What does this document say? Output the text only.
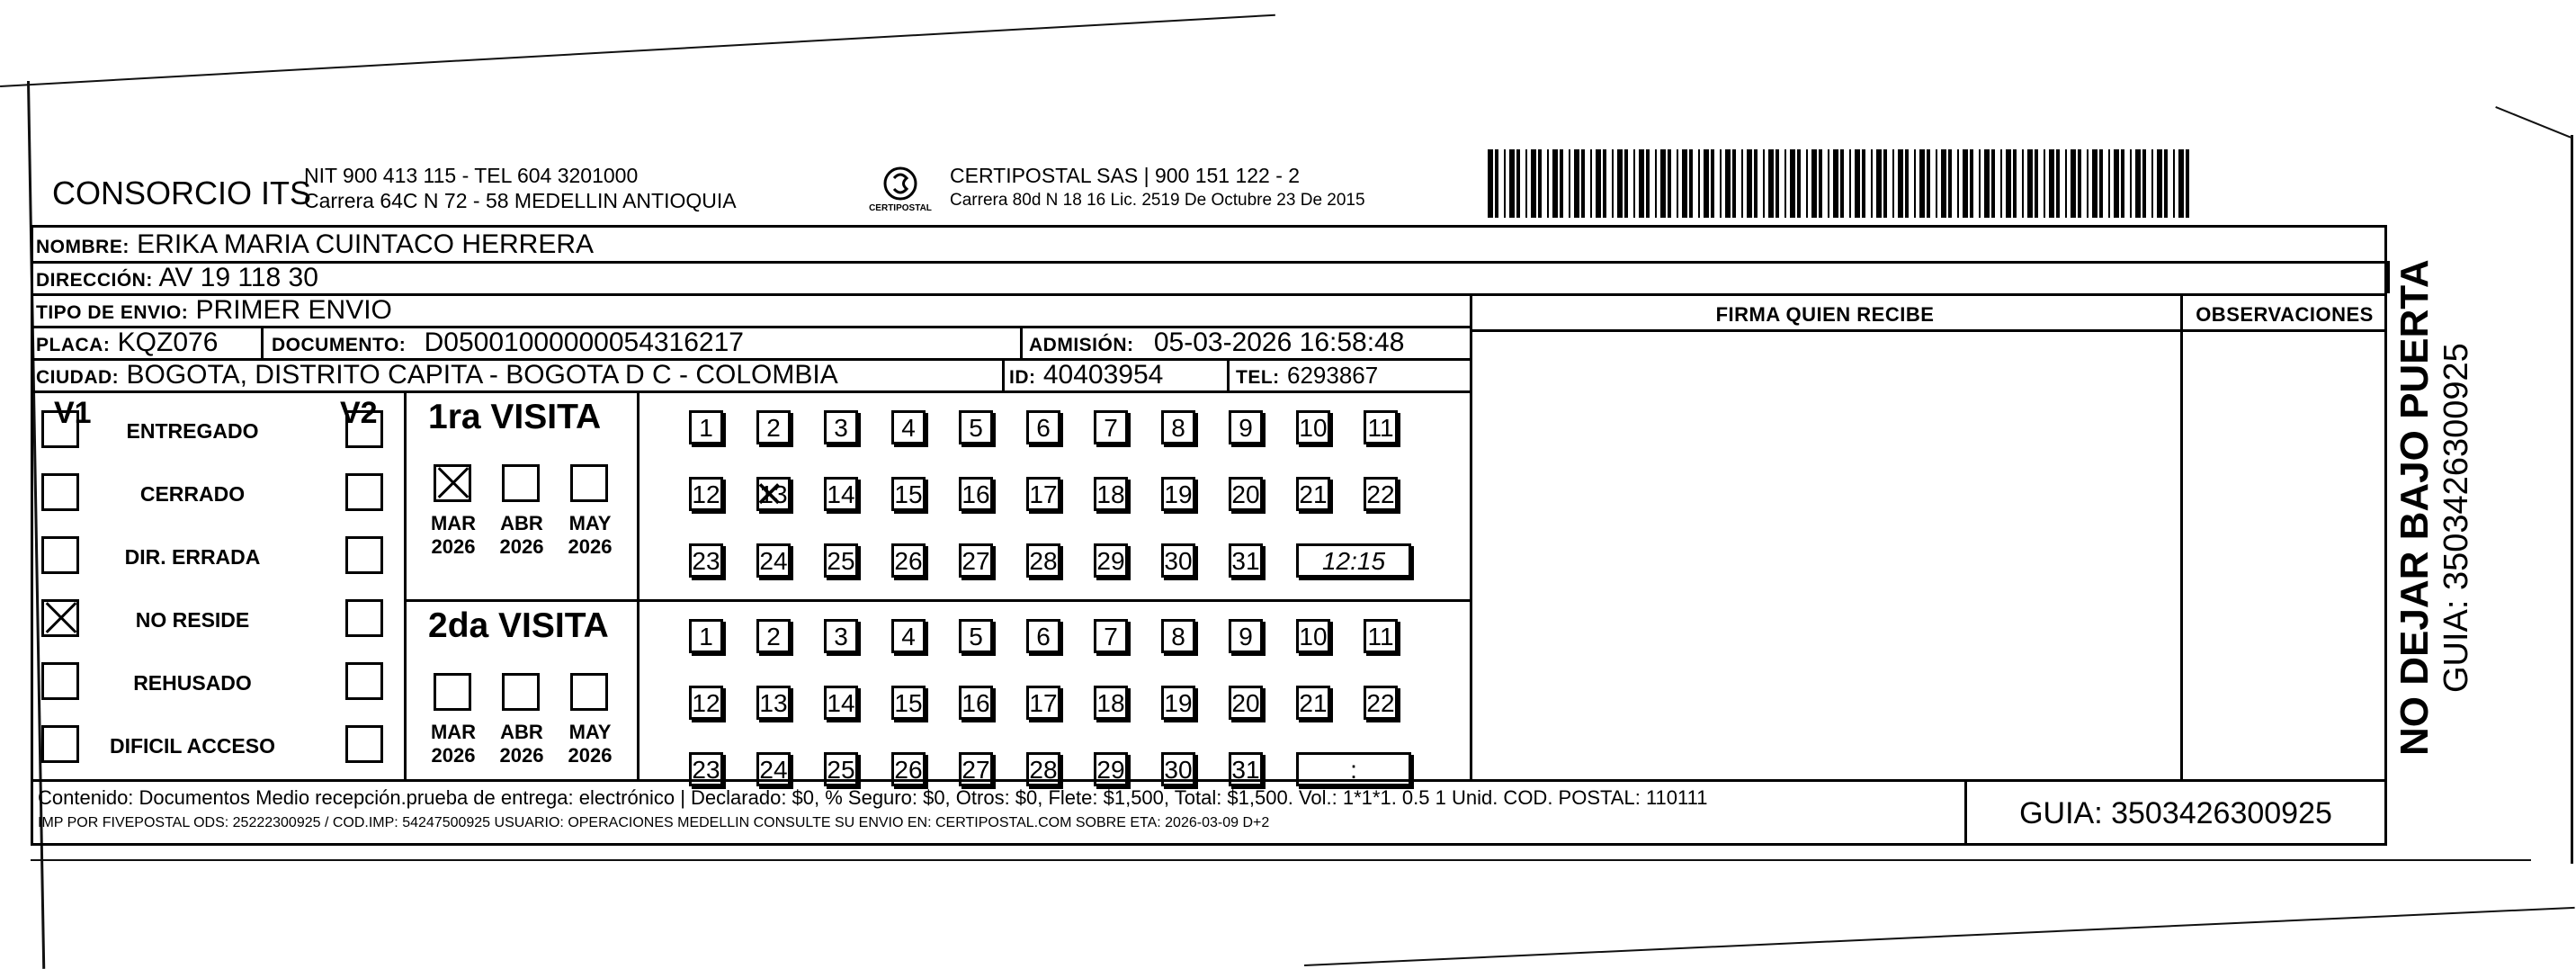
CONSORCIO ITS
NIT 900 413 115 - TEL 604 3201000
Carrera 64C N 72 - 58 MEDELLIN ANTIOQUIA	CERTIPOSTAL
CERTIPOSTAL SAS | 900 151 122 - 2
Carrera 80d N 18 16 Lic. 2519 De Octubre 23 De 2015
NOMBRE: ERIKA MARIA CUINTACO HERRERA
DIRECCIÓN: AV 19 118 30
TIPO DE ENVIO: PRIMER ENVIO
PLACA: KQZ076	DOCUMENTO: D05001000000054316217	ADMISIÓN: 05-03-2026 16:58:48
CIUDAD: BOGOTA, DISTRITO CAPITA - BOGOTA D C - COLOMBIA	ID: 40403954	TEL: 6293867
FIRMA QUIEN RECIBE	OBSERVACIONES
V1	V2
ENTREGADO
CERRADO
DIR. ERRADA
NO RESIDE
REHUSADO
DIFICIL ACCESO
1ra VISITA
MAR
2026
ABR
2026
MAY
2026
1	2	3	4	5	6	7	8	9	10 11
12 13 × 14 15 16 17 18 19 20 21 22
23 24 25 26 27 28 29 30 31	12:15
2da VISITA
MAR
2026
ABR
2026
MAY
2026
1	2	3	4	5	6	7	8	9	10 11
12 13 14 15 16 17 18 19 20 21 22
23 24 25 26 27 28 29 30 31	:
Contenido: Documentos Medio recepción.prueba de entrega: electrónico | Declarado: $0, % Seguro: $0, Otros: $0, Flete: $1,500, Total: $1,500. Vol.: 1*1*1. 0.5 1 Unid. COD. POSTAL: 110111
IMP POR FIVEPOSTAL ODS: 25222300925 / COD.IMP: 54247500925 USUARIO: OPERACIONES MEDELLIN CONSULTE SU ENVIO EN: CERTIPOSTAL.COM SOBRE ETA: 2026-03-09 D+2	GUIA: 3503426300925
NO DEJAR BAJO PUERTA GUIA: 3503426300925
